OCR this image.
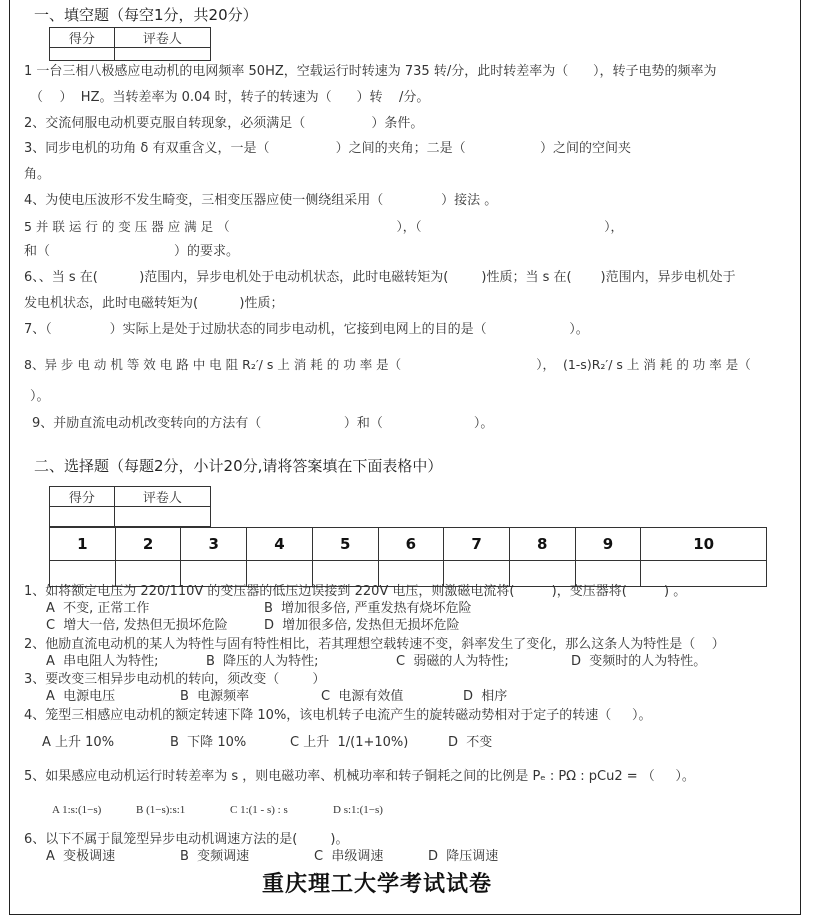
一、填空题（每空1分，共20分）
得分	评卷人

1 一台三相八极感应电动机的电网频率 50HZ，空载运行时转速为 735 转/分，此时转差率为（      ），转子电势的频率为
（    ）  HZ。当转差率为 0.04 时，转子的转速为（      ）转    /分。
2、交流伺服电动机要克服自转现象，必须满足（                ）条件。
3、同步电机的功角 δ 有双重含义，一是（                ）之间的夹角；二是（                  ）之间的空间夹
角。
4、为使电压波形不发生畸变，三相变压器应使一侧绕组采用（              ）接法 。
5 并 联 运 行 的 变 压 器 应 满 足 （                                          ），（                                              ），
和（                              ）的要求。
6、、当 s 在(          )范围内，异步电机处于电动机状态，此时电磁转矩为(        )性质；当 s 在(       )范围内，异步电机处于
发电机状态，此时电磁转矩为(          )性质；
7、（              ）实际上是处于过励状态的同步电动机，它接到电网上的目的是（                    ）。
8、异 步 电 动 机 等 效 电 路 中 电 阻 R₂′/ s 上 消 耗 的 功 率 是（                                  ），  (1-s)R₂′/ s 上 消 耗 的 功 率 是（
）。
9、并励直流电动机改变转向的方法有（                    ）和（                      ）。
二、选择题（每题2分，小计20分,请将答案填在下面表格中）
得分	评卷人

1	2	3	4	5	6	7	8	9	10

1、如将额定电压为 220/110V 的变压器的低压边误接到 220V 电压，则激磁电流将(         )，变压器将(         ) 。
A  不变, 正常工作	B  增加很多倍, 严重发热有烧坏危险
C  增大一倍, 发热但无损坏危险	D  增加很多倍, 发热但无损坏危险
2、他励直流电动机的某人为特性与固有特性相比，若其理想空载转速不变，斜率发生了变化，那么这条人为特性是（    ）
A  串电阻人为特性;	B  降压的人为特性;	C  弱磁的人为特性;	D  变频时的人为特性。
3、要改变三相异步电动机的转向，须改变（        ）
A  电源电压	B  电源频率	C  电源有效值	D  相序
4、笼型三相感应电动机的额定转速下降 10%，该电机转子电流产生的旋转磁动势相对于定子的转速（     ）。
A 上升 10%	B  下降 10%	C 上升  1/(1+10%)	D  不变
5、如果感应电动机运行时转差率为 s ，则电磁功率、机械功率和转子铜耗之间的比例是 Pₑ : PΩ : pCu2 = （     ）。
A 1:s:(1−s)	B (1−s):s:1	C 1:(1 - s) : s	D s:1:(1−s)
6、以下不属于鼠笼型异步电动机调速方法的是(        )。
A  变极调速	B  变频调速	C  串级调速	D  降压调速
重庆理工大学考试试卷
